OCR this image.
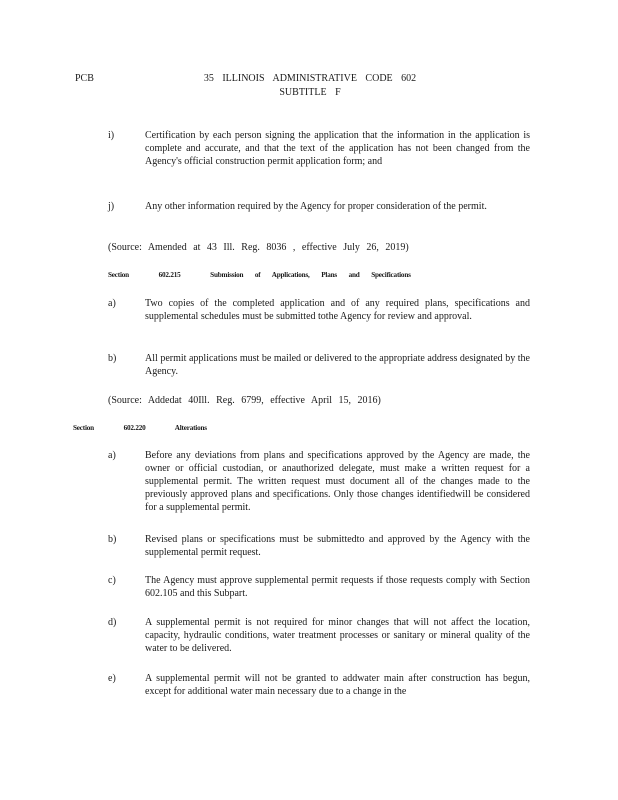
PCB	35 ILLINOIS ADMINISTRATIVE CODE 602
SUBTITLE F
i)	Certification by each person signing the application that the information in the application is complete and accurate, and that the text of the application has not been changed from the Agency's official construction permit application form; and
j)	Any other information required by the Agency for proper consideration of the permit.
(Source: Amended at 43 Ill. Reg. 8036 , effective July 26, 2019)
Section	602.215	Submission of Applications, Plans and Specifications
a)	Two copies of the completed application and of any required plans, specifications and supplemental schedules must be submitted tothe Agency for review and approval.
b)	All permit applications must be mailed or delivered to the appropriate address designated by the Agency.
(Source: Addedat 40Ill. Reg. 6799, effective April 15, 2016)
Section	602.220	Alterations
a)	Before any deviations from plans and specifications approved by the Agency are made, the owner or official custodian, or anauthorized delegate, must make a written request for a supplemental permit. The written request must document all of the changes made to the previously approved plans and specifications. Only those changes identifiedwill be considered for a supplemental permit.
b)	Revised plans or specifications must be submittedto and approved by the Agency with the supplemental permit request.
c)	The Agency must approve supplemental permit requests if those requests comply with Section 602.105 and this Subpart.
d)	A supplemental permit is not required for minor changes that will not affect the location, capacity, hydraulic conditions, water treatment processes or sanitary or mineral quality of the water to be delivered.
e)	A supplemental permit will not be granted to addwater main after construction has begun, except for additional water main necessary due to a change in the
